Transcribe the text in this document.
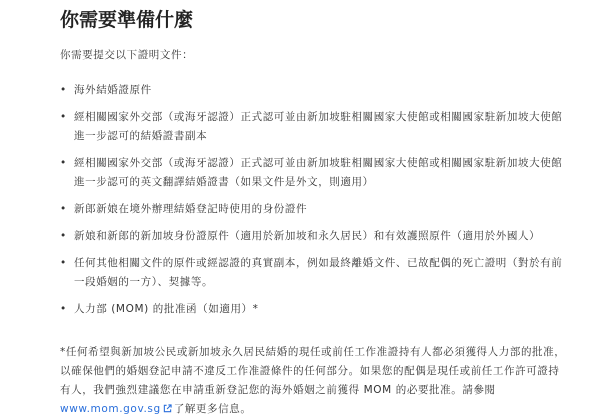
你需要準備什麼

你需要提交以下證明文件：

• 海外結婚證原件
• 經相關國家外交部（或海牙認證）正式認可並由新加坡駐相關國家大使館或相關國家駐新加坡大使館進一步認可的結婚證書副本
• 經相關國家外交部（或海牙認證）正式認可並由新加坡駐相關國家大使館或相關國家駐新加坡大使館進一步認可的英文翻譯結婚證書（如果文件是外文，則適用）
• 新郎新娘在境外辦理結婚登記時使用的身份證件
• 新娘和新郎的新加坡身份證原件（適用於新加坡和永久居民）和有效護照原件（適用於外國人）
• 任何其他相關文件的原件或經認證的真實副本，例如最終離婚文件、已故配偶的死亡證明（對於有前一段婚姻的一方）、契據等。
• 人力部 (MOM) 的批准函（如適用）*

*任何希望與新加坡公民或新加坡永久居民結婚的現任或前任工作准證持有人都必須獲得人力部的批准，以確保他們的婚姻登記申請不違反工作准證條件的任何部分。如果您的配偶是現任或前任工作許可證持有人，我們強烈建議您在申請重新登記您的海外婚姻之前獲得 MOM 的必要批准。請參閱www.mom.gov.sg 了解更多信息。
